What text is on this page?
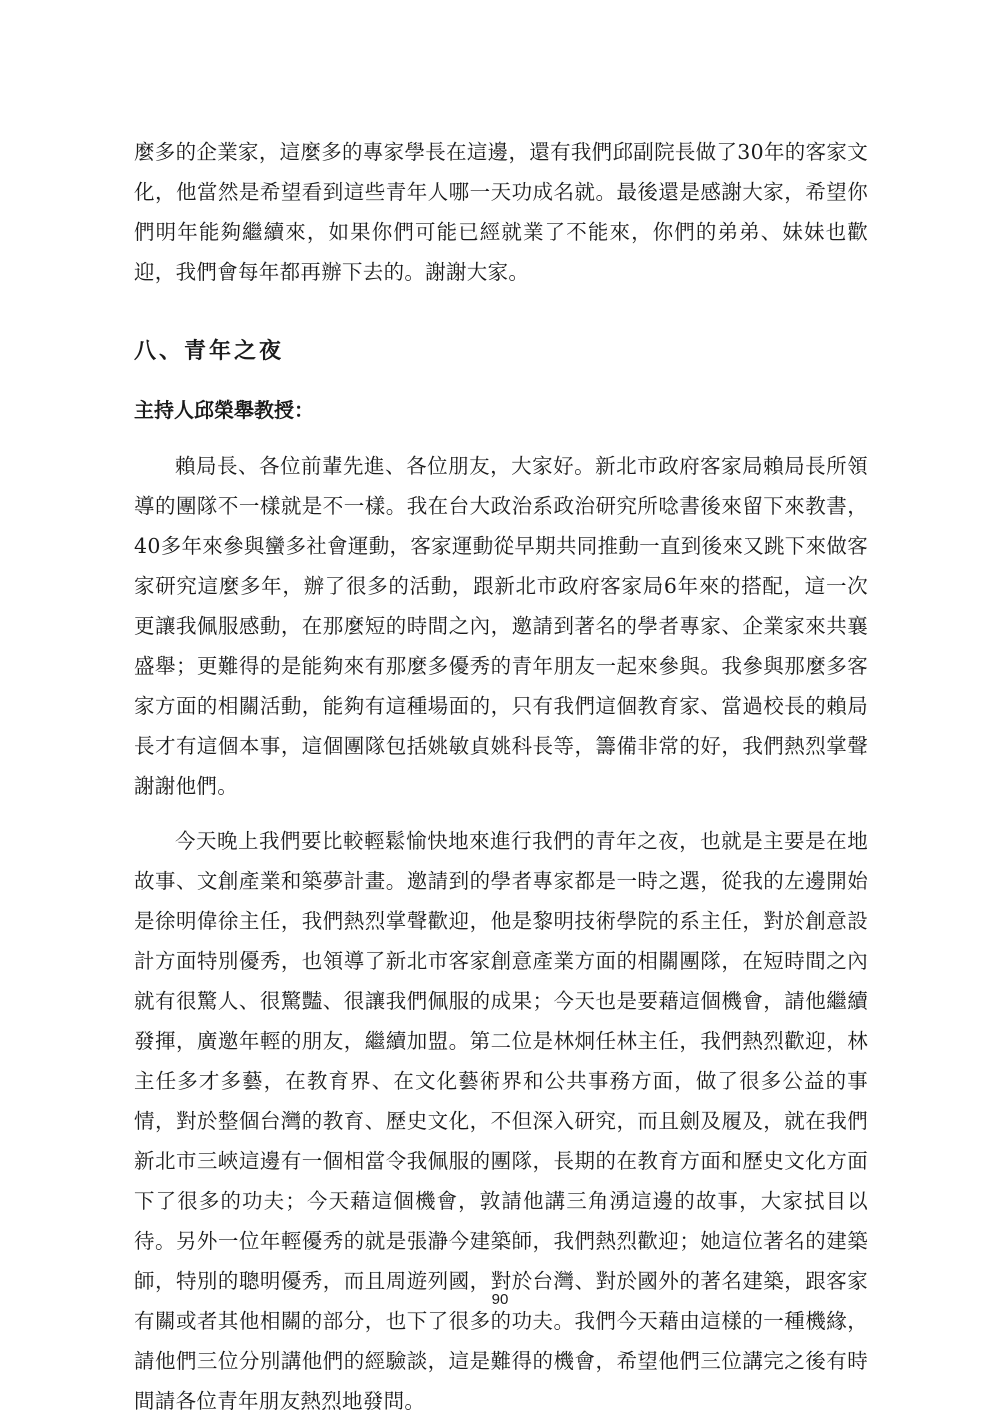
麼多的企業家，這麼多的專家學長在這邊，還有我們邱副院長做了30年的客家文化，他當然是希望看到這些青年人哪一天功成名就。最後還是感謝大家，希望你們明年能夠繼續來，如果你們可能已經就業了不能來，你們的弟弟、妹妹也歡迎，我們會每年都再辦下去的。謝謝大家。

八、青年之夜
主持人邱榮舉教授：

賴局長、各位前輩先進、各位朋友，大家好。新北市政府客家局賴局長所領導的團隊不一樣就是不一樣。我在台大政治系政治研究所唸書後來留下來教書，40多年來參與蠻多社會運動，客家運動從早期共同推動一直到後來又跳下來做客家研究這麼多年，辦了很多的活動，跟新北市政府客家局6年來的搭配，這一次更讓我佩服感動，在那麼短的時間之內，邀請到著名的學者專家、企業家來共襄盛舉；更難得的是能夠來有那麼多優秀的青年朋友一起來參與。我參與那麼多客家方面的相關活動，能夠有這種場面的，只有我們這個教育家、當過校長的賴局長才有這個本事，這個團隊包括姚敏貞姚科長等，籌備非常的好，我們熱烈掌聲謝謝他們。

今天晚上我們要比較輕鬆愉快地來進行我們的青年之夜，也就是主要是在地故事、文創產業和築夢計畫。邀請到的學者專家都是一時之選，從我的左邊開始是徐明偉徐主任，我們熱烈掌聲歡迎，他是黎明技術學院的系主任，對於創意設計方面特別優秀，也領導了新北市客家創意產業方面的相關團隊，在短時間之內就有很驚人、很驚豔、很讓我們佩服的成果；今天也是要藉這個機會，請他繼續發揮，廣邀年輕的朋友，繼續加盟。第二位是林炯任林主任，我們熱烈歡迎，林主任多才多藝，在教育界、在文化藝術界和公共事務方面，做了很多公益的事情，對於整個台灣的教育、歷史文化，不但深入研究，而且劍及履及，就在我們新北市三峽這邊有一個相當令我佩服的團隊，長期的在教育方面和歷史文化方面下了很多的功夫；今天藉這個機會，敦請他講三角湧這邊的故事，大家拭目以待。另外一位年輕優秀的就是張瀞今建築師，我們熱烈歡迎；她這位著名的建築師，特別的聰明優秀，而且周遊列國，對於台灣、對於國外的著名建築，跟客家有關或者其他相關的部分，也下了很多的功夫。我們今天藉由這樣的一種機緣，請他們三位分別講他們的經驗談，這是難得的機會，希望他們三位講完之後有時間請各位青年朋友熱烈地發問。

90
